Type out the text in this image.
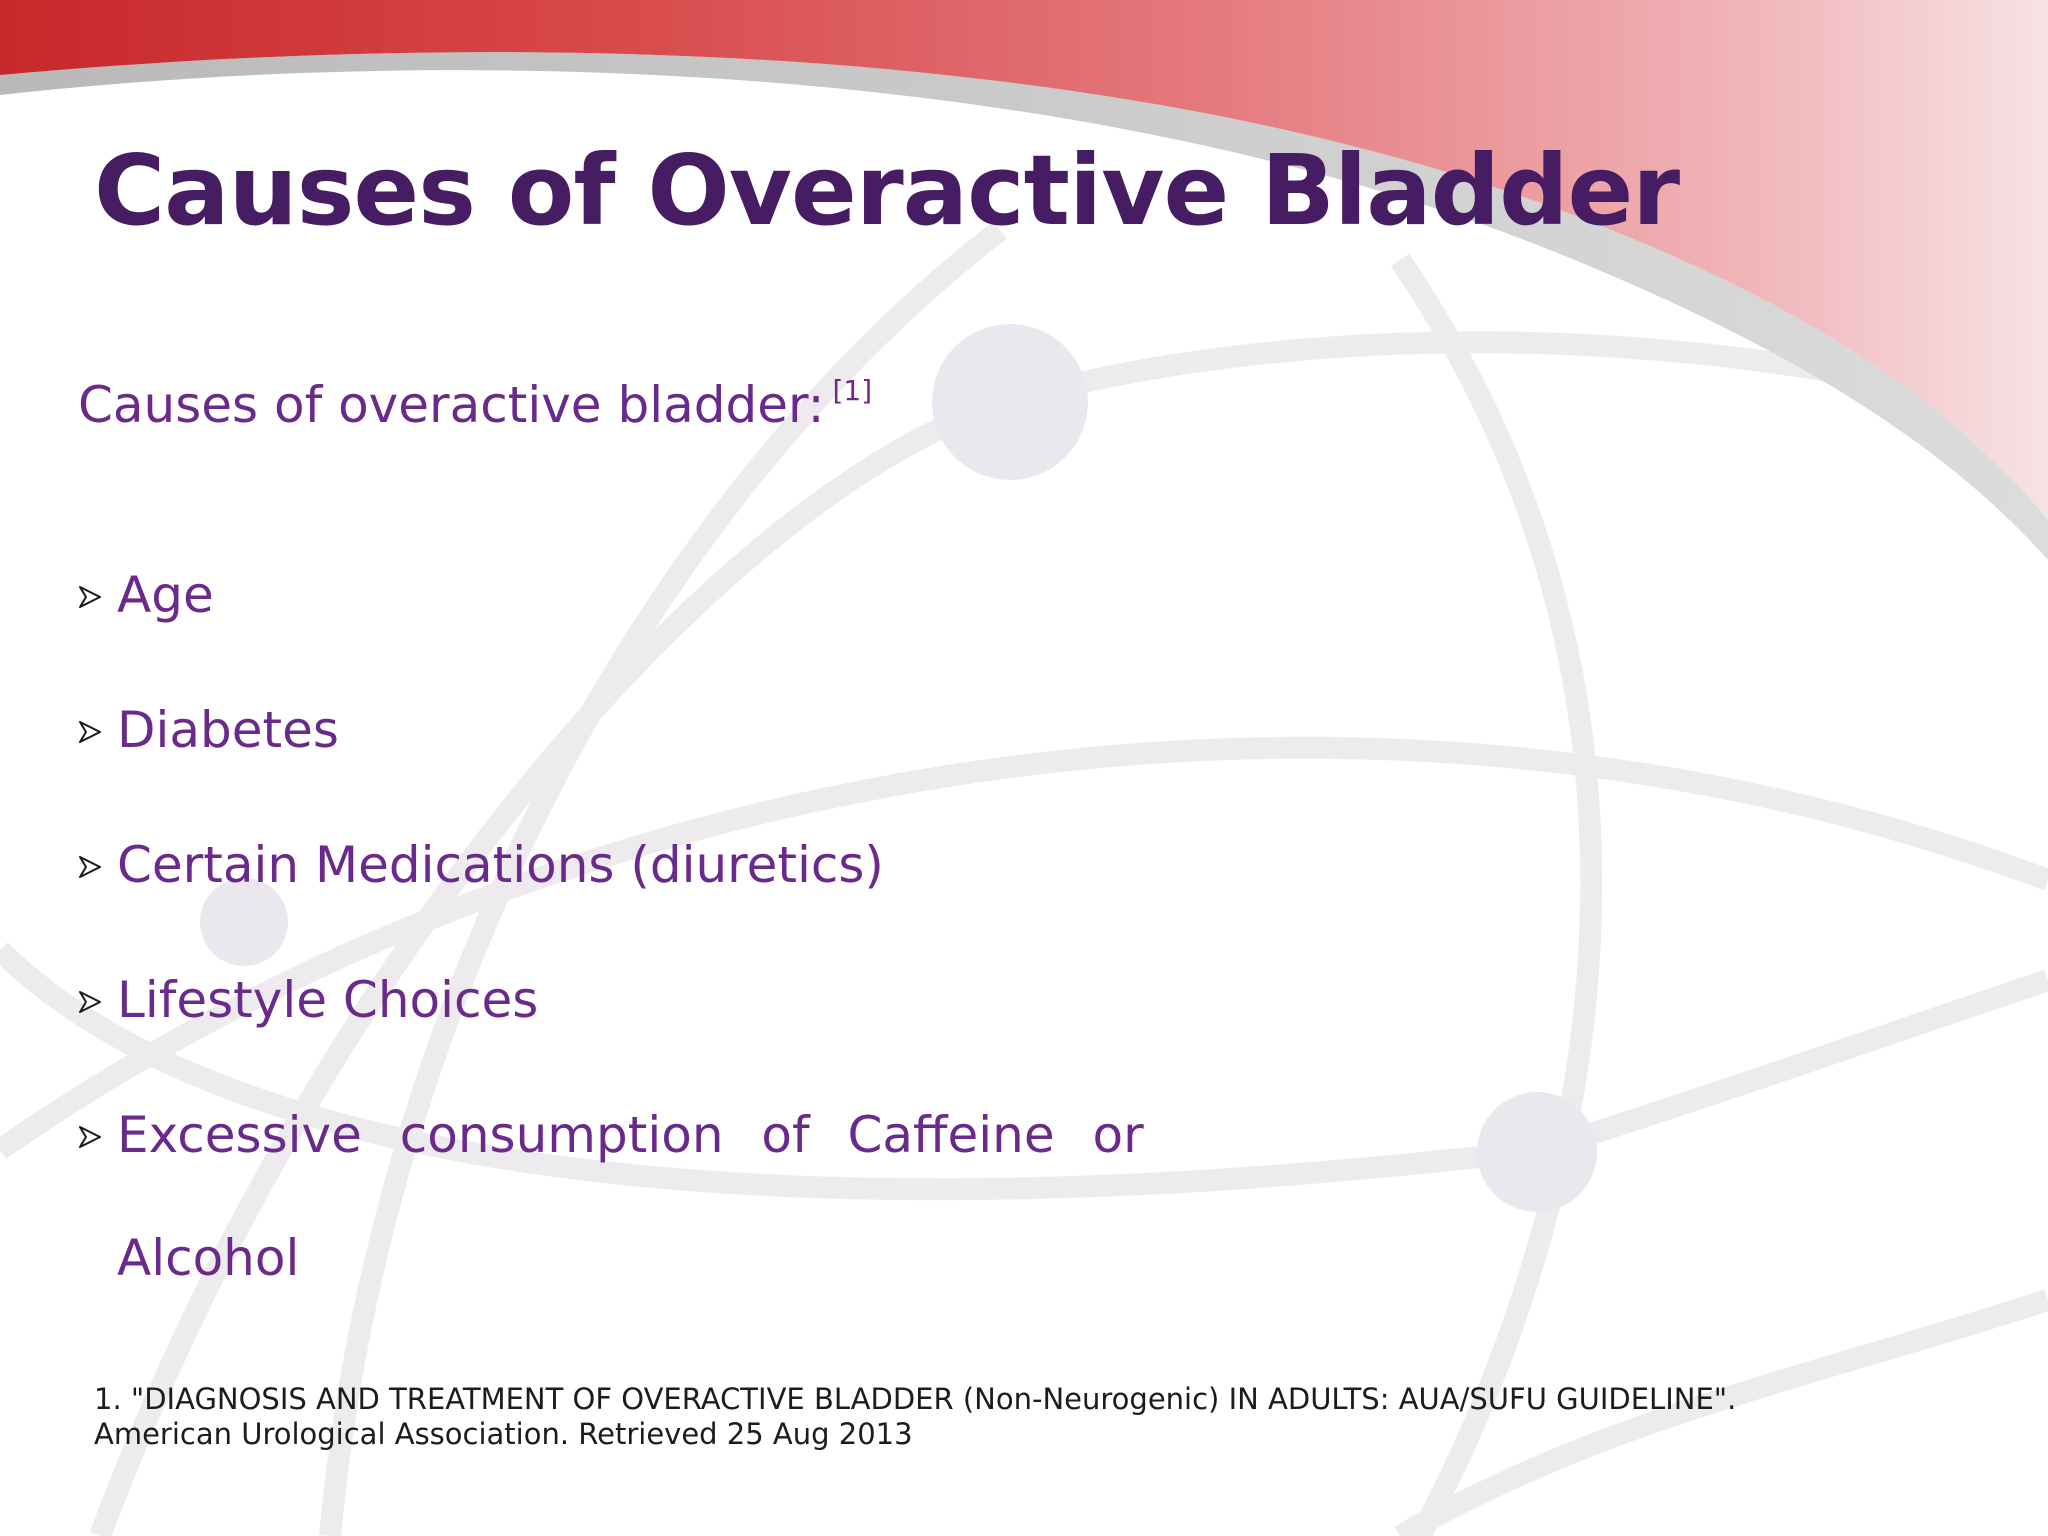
Causes of Overactive Bladder
Causes of overactive bladder: [1]
Age
Diabetes
Certain Medications (diuretics)
Lifestyle Choices
Excessive consumption of Caffeine or
Alcohol
1. "DIAGNOSIS AND TREATMENT OF OVERACTIVE BLADDER (Non-Neurogenic) IN ADULTS: AUA/SUFU GUIDELINE".
American Urological Association. Retrieved 25 Aug 2013
